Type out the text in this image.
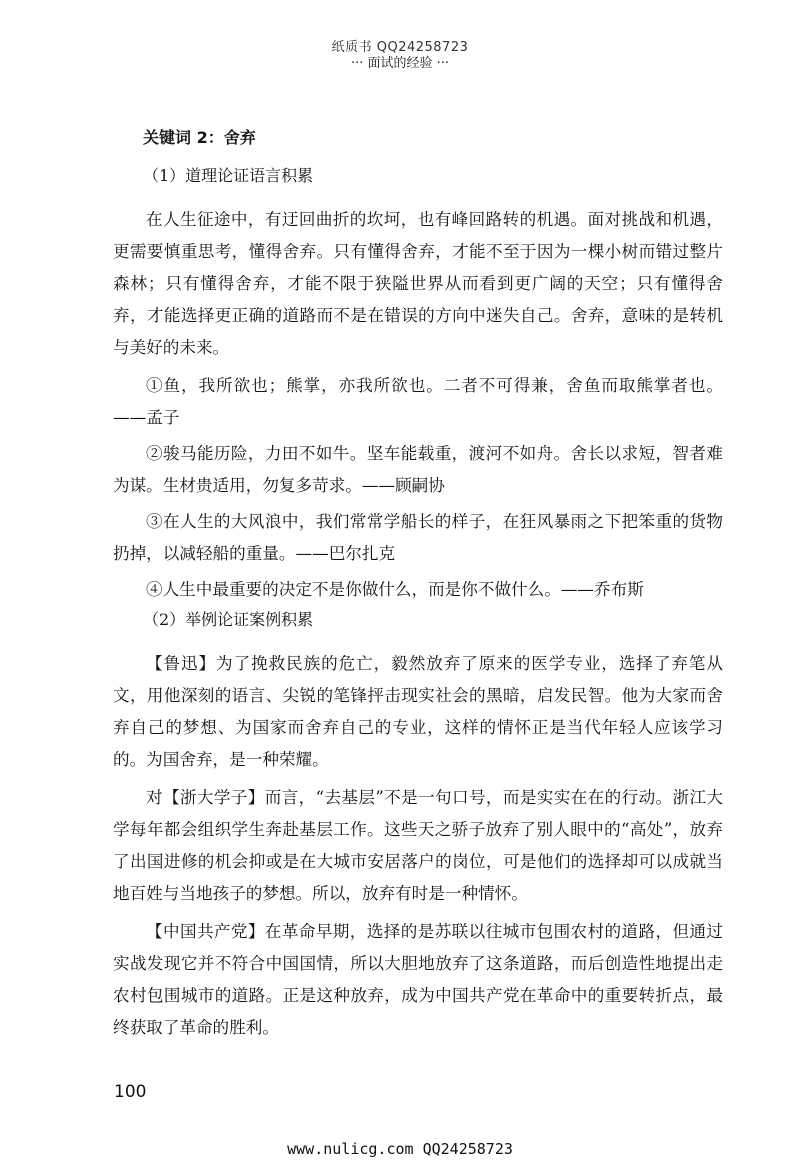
纸质书 QQ24258723
··· 面试的经验 ···
关键词 2：舍弃
（1）道理论证语言积累

在人生征途中，有迂回曲折的坎坷，也有峰回路转的机遇。面对挑战和机遇，更需要慎重思考，懂得舍弃。只有懂得舍弃，才能不至于因为一棵小树而错过整片森林；只有懂得舍弃，才能不限于狭隘世界从而看到更广阔的天空；只有懂得舍弃，才能选择更正确的道路而不是在错误的方向中迷失自己。舍弃，意味的是转机与美好的未来。

①鱼，我所欲也；熊掌，亦我所欲也。二者不可得兼，舍鱼而取熊掌者也。——孟子

②骏马能历险，力田不如牛。坚车能载重，渡河不如舟。舍长以求短，智者难为谋。生材贵适用，勿复多苛求。——顾嗣协

③在人生的大风浪中，我们常常学船长的样子，在狂风暴雨之下把笨重的货物扔掉，以减轻船的重量。——巴尔扎克

④人生中最重要的决定不是你做什么，而是你不做什么。——乔布斯

（2）举例论证案例积累

【鲁迅】为了挽救民族的危亡，毅然放弃了原来的医学专业，选择了弃笔从文，用他深刻的语言、尖锐的笔锋抨击现实社会的黑暗，启发民智。他为大家而舍弃自己的梦想、为国家而舍弃自己的专业，这样的情怀正是当代年轻人应该学习的。为国舍弃，是一种荣耀。

对【浙大学子】而言，“去基层”不是一句口号，而是实实在在的行动。浙江大学每年都会组织学生奔赴基层工作。这些天之骄子放弃了别人眼中的“高处”，放弃了出国进修的机会抑或是在大城市安居落户的岗位，可是他们的选择却可以成就当地百姓与当地孩子的梦想。所以，放弃有时是一种情怀。

【中国共产党】在革命早期，选择的是苏联以往城市包围农村的道路，但通过实战发现它并不符合中国国情，所以大胆地放弃了这条道路，而后创造性地提出走农村包围城市的道路。正是这种放弃，成为中国共产党在革命中的重要转折点，最终获取了革命的胜利。

100
www.nulicg.com QQ24258723
